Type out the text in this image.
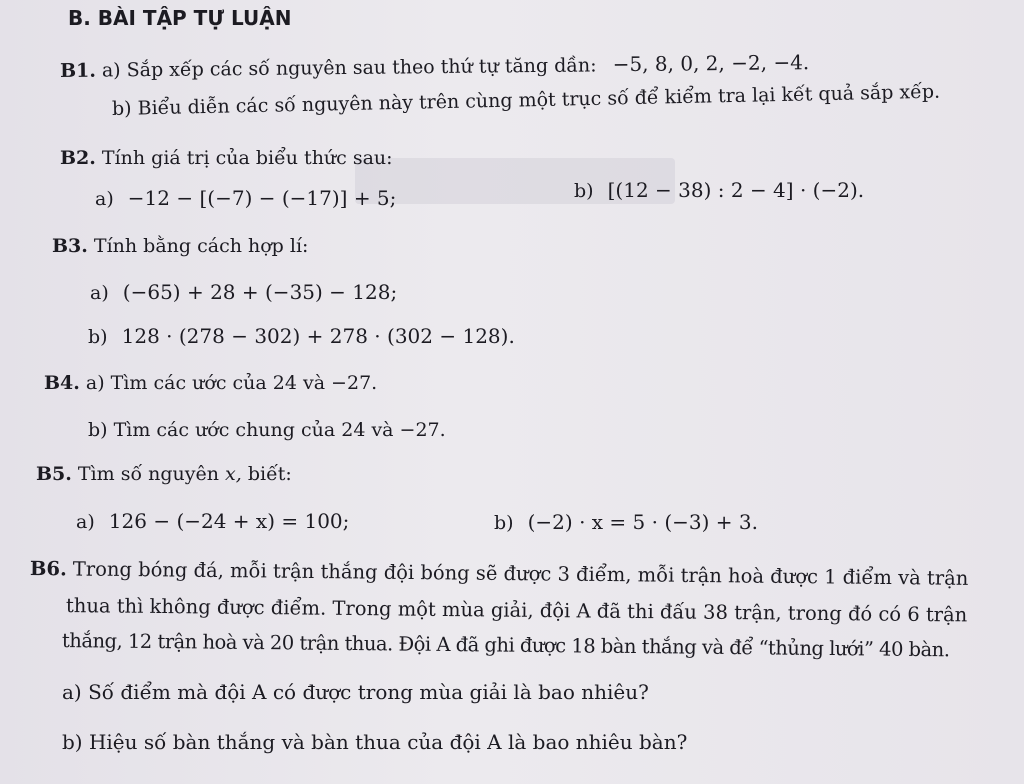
B. BÀI TẬP TỰ LUẬN
B1. a) Sắp xếp các số nguyên sau theo thứ tự tăng dần: −5, 8, 0, 2, −2, −4.
b) Biểu diễn các số nguyên này trên cùng một trục số để kiểm tra lại kết quả sắp xếp.
B2. Tính giá trị của biểu thức sau:
a) −12 − [(−7) − (−17)] + 5;	b) [(12 − 38) : 2 − 4] · (−2).
B3. Tính bằng cách hợp lí:
a) (−65) + 28 + (−35) − 128;
b) 128 · (278 − 302) + 278 · (302 − 128).
B4. a) Tìm các ước của 24 và −27.
b) Tìm các ước chung của 24 và −27.
B5. Tìm số nguyên x, biết:
a) 126 − (−24 + x) = 100;	b) (−2) · x = 5 · (−3) + 3.
B6. Trong bóng đá, mỗi trận thắng đội bóng sẽ được 3 điểm, mỗi trận hoà được 1 điểm và trận
thua thì không được điểm. Trong một mùa giải, đội A đã thi đấu 38 trận, trong đó có 6 trận
thắng, 12 trận hoà và 20 trận thua. Đội A đã ghi được 18 bàn thắng và để “thủng lưới” 40 bàn.
a) Số điểm mà đội A có được trong mùa giải là bao nhiêu?
b) Hiệu số bàn thắng và bàn thua của đội A là bao nhiêu bàn?
